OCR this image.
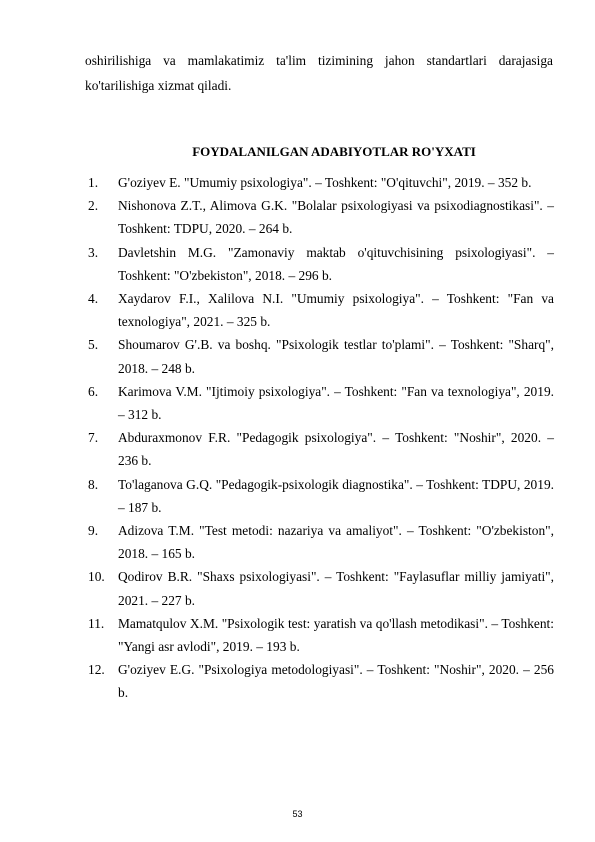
oshirilishiga va mamlakatimiz ta'lim tizimining jahon standartlari darajasiga ko'tarilishiga xizmat qiladi.

FOYDALANILGAN ADABIYOTLAR RO'YXATI
1.	G'oziyev E. "Umumiy psixologiya". – Toshkent: "O'qituvchi", 2019. – 352 b.
2.	Nishonova Z.T., Alimova G.K. "Bolalar psixologiyasi va psixodiagnostikasi". – Toshkent: TDPU, 2020. – 264 b.
3.	Davletshin M.G. "Zamonaviy maktab o'qituvchisining psixologiyasi". – Toshkent: "O'zbekiston", 2018. – 296 b.
4.	Xaydarov F.I., Xalilova N.I. "Umumiy psixologiya". – Toshkent: "Fan va texnologiya", 2021. – 325 b.
5.	Shoumarov G'.B. va boshq. "Psixologik testlar to'plami". – Toshkent: "Sharq", 2018. – 248 b.
6.	Karimova V.M. "Ijtimoiy psixologiya". – Toshkent: "Fan va texnologiya", 2019. – 312 b.
7.	Abduraxmonov F.R. "Pedagogik psixologiya". – Toshkent: "Noshir", 2020. – 236 b.
8.	To'laganova G.Q. "Pedagogik-psixologik diagnostika". – Toshkent: TDPU, 2019. – 187 b.
9.	Adizova T.M. "Test metodi: nazariya va amaliyot". – Toshkent: "O'zbekiston", 2018. – 165 b.
10. Qodirov B.R. "Shaxs psixologiyasi". – Toshkent: "Faylasuflar milliy jamiyati", 2021. – 227 b.
11.	Mamatqulov X.M. "Psixologik test: yaratish va qo'llash metodikasi". – Toshkent: "Yangi asr avlodi", 2019. – 193 b.
12. G'oziyev E.G. "Psixologiya metodologiyasi". – Toshkent: "Noshir", 2020. – 256 b.
53
